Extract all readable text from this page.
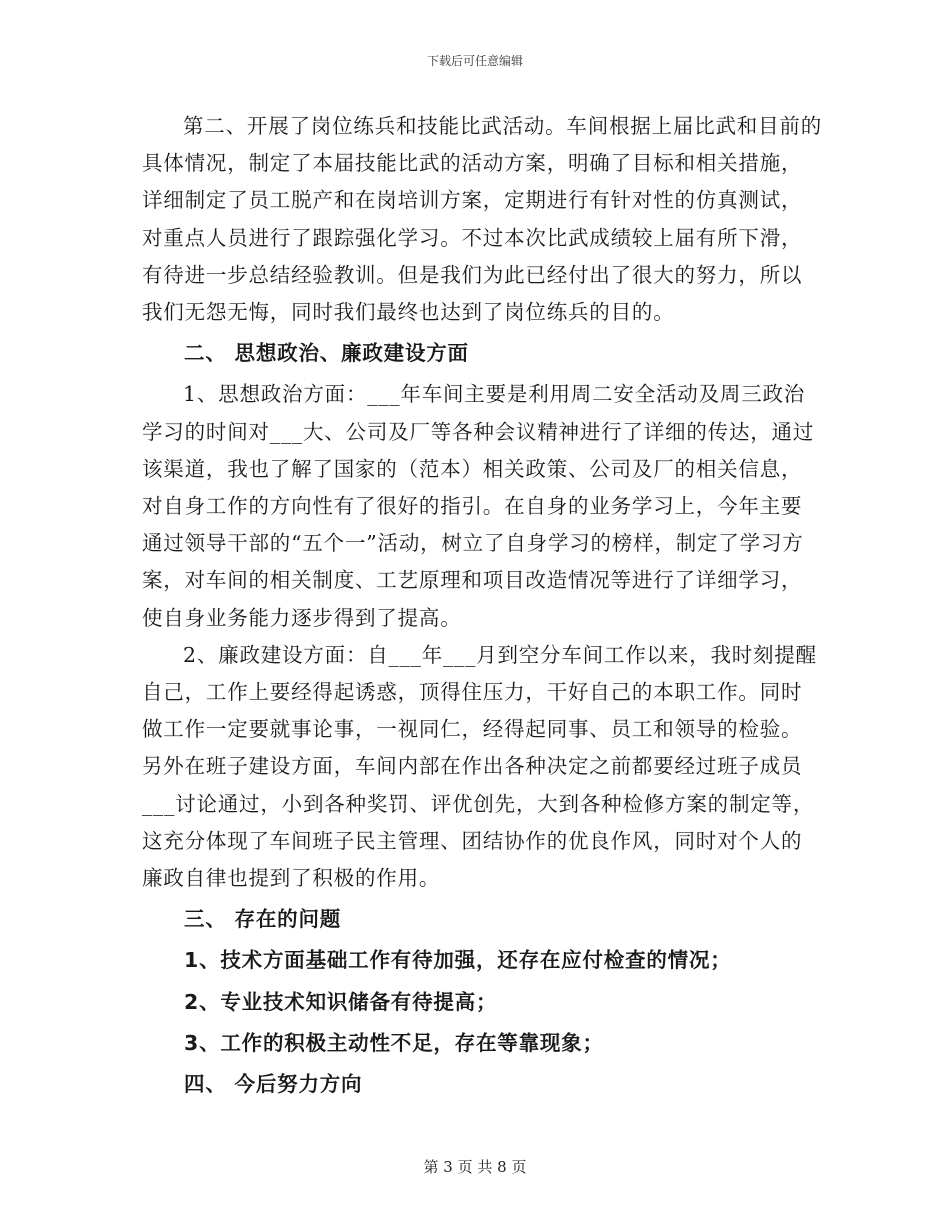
下载后可任意编辑

第二、开展了岗位练兵和技能比武活动。车间根据上届比武和目前的具体情况，制定了本届技能比武的活动方案，明确了目标和相关措施，详细制定了员工脱产和在岗培训方案，定期进行有针对性的仿真测试，对重点人员进行了跟踪强化学习。不过本次比武成绩较上届有所下滑，有待进一步总结经验教训。但是我们为此已经付出了很大的努力，所以我们无怨无悔，同时我们最终也达到了岗位练兵的目的。

二、 思想政治、廉政建设方面

1、思想政治方面：___年车间主要是利用周二安全活动及周三政治学习的时间对___大、公司及厂等各种会议精神进行了详细的传达，通过该渠道，我也了解了国家的（范本）相关政策、公司及厂的相关信息，对自身工作的方向性有了很好的指引。在自身的业务学习上，今年主要通过领导干部的“五个一”活动，树立了自身学习的榜样，制定了学习方案，对车间的相关制度、工艺原理和项目改造情况等进行了详细学习，使自身业务能力逐步得到了提高。

2、廉政建设方面：自___年___月到空分车间工作以来，我时刻提醒自己，工作上要经得起诱惑，顶得住压力，干好自己的本职工作。同时做工作一定要就事论事，一视同仁，经得起同事、员工和领导的检验。另外在班子建设方面，车间内部在作出各种决定之前都要经过班子成员___讨论通过，小到各种奖罚、评优创先，大到各种检修方案的制定等，这充分体现了车间班子民主管理、团结协作的优良作风，同时对个人的廉政自律也提到了积极的作用。

三、 存在的问题

1、技术方面基础工作有待加强，还存在应付检查的情况；

2、专业技术知识储备有待提高；

3、工作的积极主动性不足，存在等靠现象；

四、 今后努力方向

第 3 页 共 8 页
